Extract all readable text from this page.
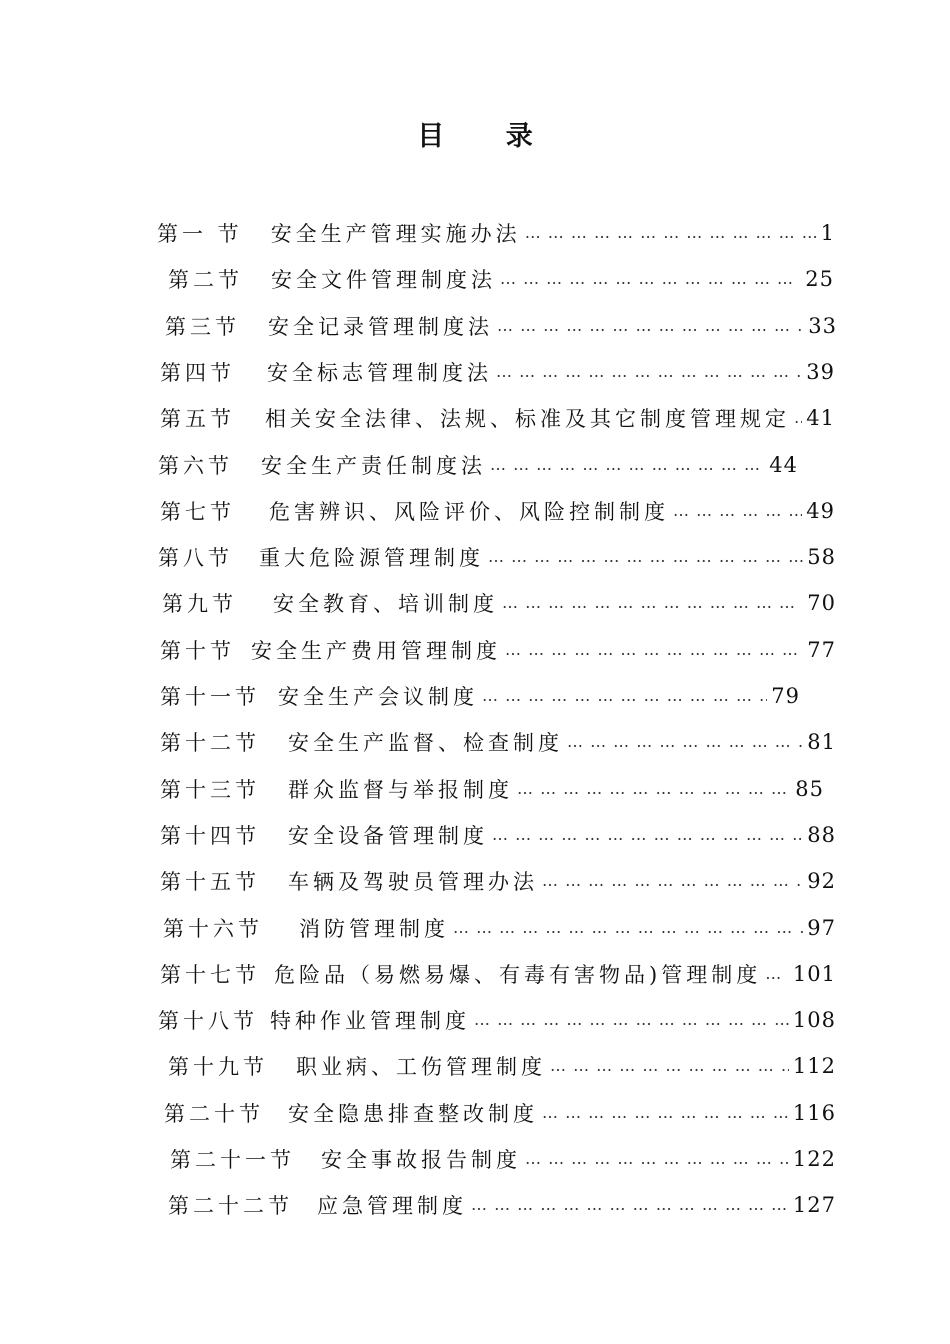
目 录
第一 节 安全生产管理实施办法 … … … … … … … … … … … … … … … … … … … … … … … … … … … … … … … … … … … …	1
第二节 安全文件管理制度法 … … … … … … … … … … … … … … … … … … … … … … … … … … … … … … … … … … … …	25
第三节 安全记录管理制度法 … … … … … … … … … … … … … … … … … … … … … … … … … … … … … … … … … … … …	33
第四节 安全标志管理制度法 … … … … … … … … … … … … … … … … … … … … … … … … … … … … … … … … … … … …	39
第五节 相关安全法律、法规、标准及其它制度管理规定 … … … … … … … … … … … … … … … … … … … … … … … … … … … … … … … … … … … … 41
第六节 安全生产责任制度法 … … … … … … … … … … … … … … … … … … … … … … … … … … … … … … … … … … … …	44
第七节 危害辨识、风险评价、风险控制制度 … … … … … … … … … … … … … … … … … … … … … … … … … … … … … … … … … … … …	49
第八节 重大危险源管理制度 … … … … … … … … … … … … … … … … … … … … … … … … … … … … … … … … … … … …	58
第九节 安全教育、培训制度 … … … … … … … … … … … … … … … … … … … … … … … … … … … … … … … … … … … …	70
第十节 安全生产费用管理制度 … … … … … … … … … … … … … … … … … … … … … … … … … … … … … … … … … … … …	77
第十一节 安全生产会议制度 … … … … … … … … … … … … … … … … … … … … … … … … … … … … … … … … … … … …	79
第十二节 安全生产监督、检查制度 … … … … … … … … … … … … … … … … … … … … … … … … … … … … … … … … … … … …	81
第十三节 群众监督与举报制度 … … … … … … … … … … … … … … … … … … … … … … … … … … … … … … … … … … … …	85
第十四节 安全设备管理制度 … … … … … … … … … … … … … … … … … … … … … … … … … … … … … … … … … … … …	88
第十五节 车辆及驾驶员管理办法 … … … … … … … … … … … … … … … … … … … … … … … … … … … … … … … … … … … …	92
第十六节 消防管理制度 … … … … … … … … … … … … … … … … … … … … … … … … … … … … … … … … … … … …	97
第十七节 危险品（易燃易爆、有毒有害物品)管理制度 … … … … … … … … … … … … … … … … … … … … … … … … … … … … … … … … … … … … 101
第十八节 特种作业管理制度 … … … … … … … … … … … … … … … … … … … … … … … … … … … … … … … … … … … …	108
第十九节 职业病、工伤管理制度 … … … … … … … … … … … … … … … … … … … … … … … … … … … … … … … … … … … …	112
第二十节 安全隐患排查整改制度 … … … … … … … … … … … … … … … … … … … … … … … … … … … … … … … … … … … …	116
第二十一节 安全事故报告制度 … … … … … … … … … … … … … … … … … … … … … … … … … … … … … … … … … … … …	122
第二十二节 应急管理制度 … … … … … … … … … … … … … … … … … … … … … … … … … … … … … … … … … … … …	127
